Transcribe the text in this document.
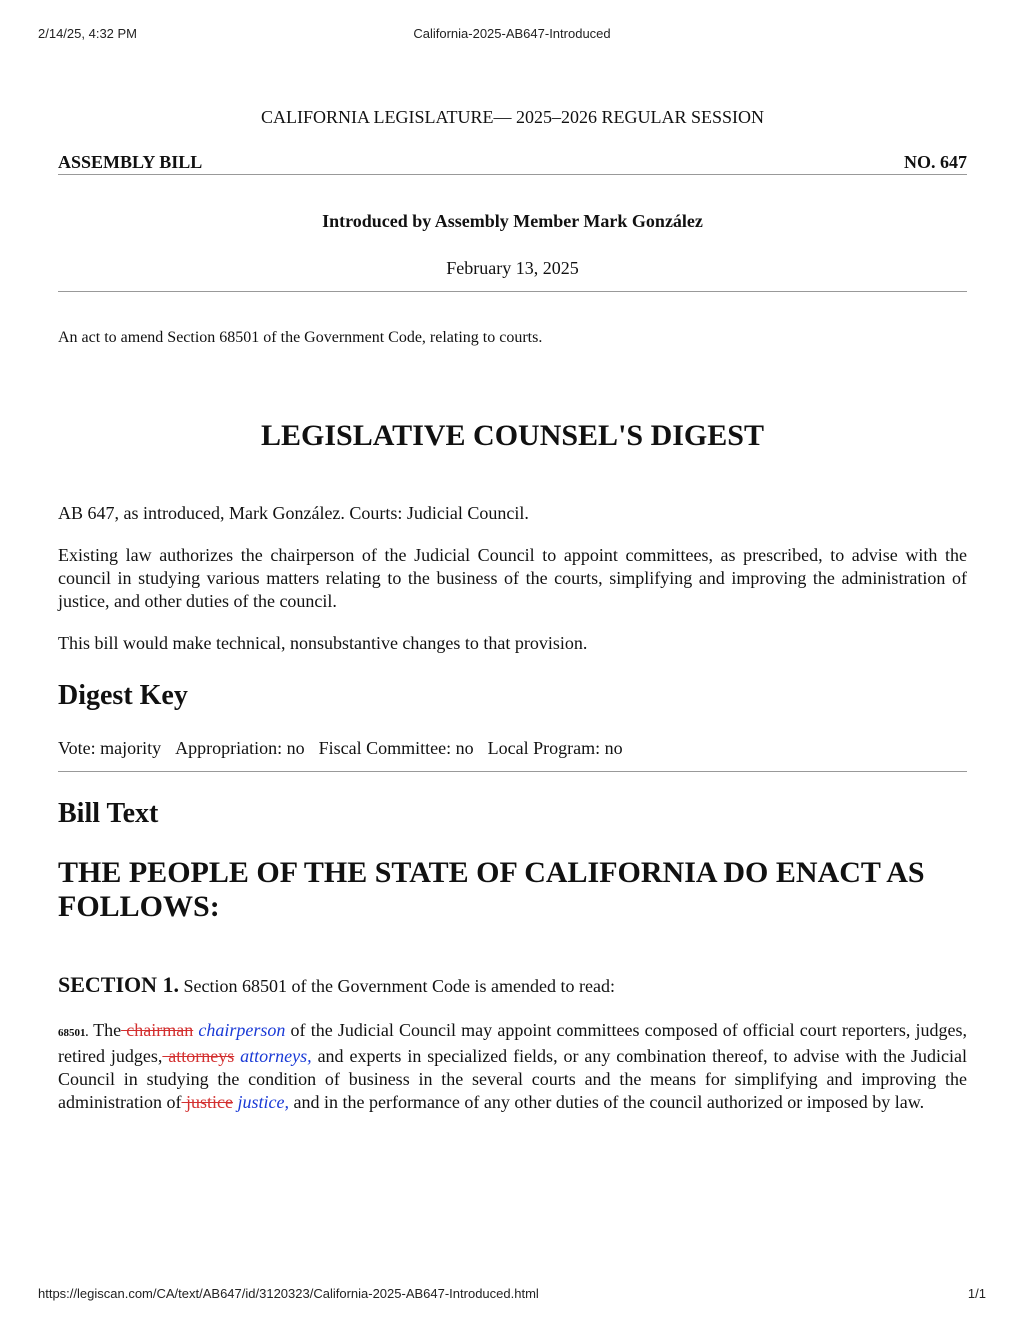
2/14/25, 4:32 PM	California-2025-AB647-Introduced
CALIFORNIA LEGISLATURE— 2025–2026 REGULAR SESSION
ASSEMBLY BILL	NO. 647
Introduced by Assembly Member Mark González
February 13, 2025
An act to amend Section 68501 of the Government Code, relating to courts.
LEGISLATIVE COUNSEL'S DIGEST
AB 647, as introduced, Mark González. Courts: Judicial Council.
Existing law authorizes the chairperson of the Judicial Council to appoint committees, as prescribed, to advise with the council in studying various matters relating to the business of the courts, simplifying and improving the administration of justice, and other duties of the council.
This bill would make technical, nonsubstantive changes to that provision.
Digest Key
Vote: majority Appropriation: no Fiscal Committee: no Local Program: no
Bill Text
THE PEOPLE OF THE STATE OF CALIFORNIA DO ENACT AS FOLLOWS:
SECTION 1. Section 68501 of the Government Code is amended to read:
68501. The chairman chairperson of the Judicial Council may appoint committees composed of official court reporters, judges, retired judges, attorneys attorneys, and experts in specialized fields, or any combination thereof, to advise with the Judicial Council in studying the condition of business in the several courts and the means for simplifying and improving the administration of justice justice, and in the performance of any other duties of the council authorized or imposed by law.
https://legiscan.com/CA/text/AB647/id/3120323/California-2025-AB647-Introduced.html	1/1
